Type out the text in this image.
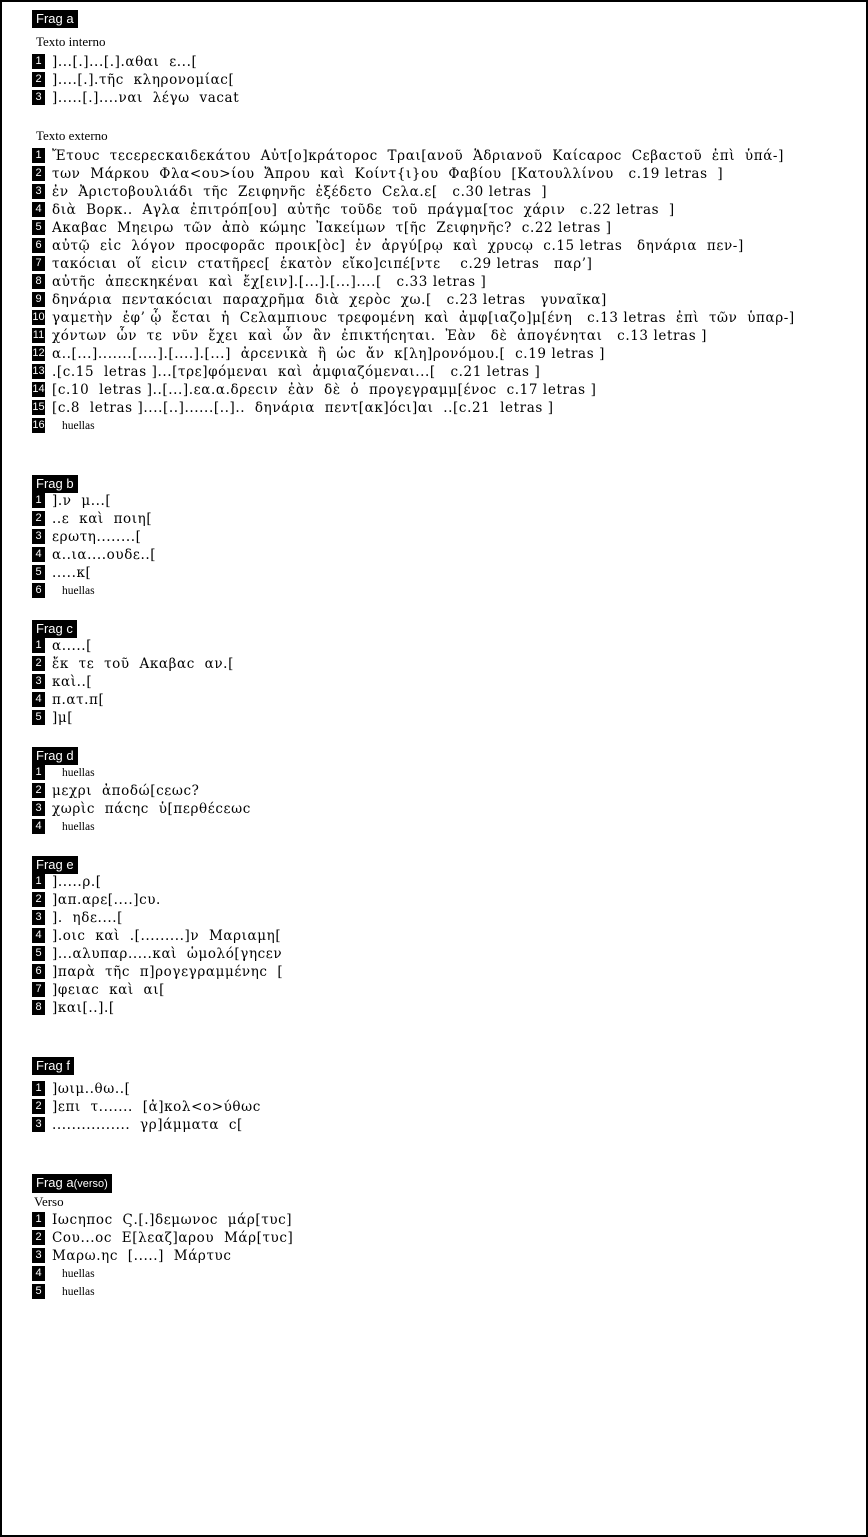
Frag a
Texto interno
1 ]...[.]...[.].αθαι  ε...[
2 ]....[.].τῆc  κληρονομίαc[
3 ].....[.]....ναι  λέγω  vacat
Texto externo
1 Ἔτουc  τεcερεcκαιδεκάτου  Αὐτ[ο]κράτοροc  Τραι[ανοῦ  Ἁδριανοῦ  Καίcαροc  Cεβαcτοῦ  ἐπὶ  ὑπά-]
2 των  Μάρκου  Φλα<ου>ίου  Ἄπρου  καὶ  Κοίντ{ι}ου  Φαβίου  [Κατουλλίνου   c.19 letras  ]
3 ἐν  Ἀριcτοβουλιάδι  τῆc  Ζειφηνῆc  ἐξέδετο  Cελα.ε[   c.30 letras  ]
4 διὰ  Βορκ..  Αγλα  ἐπιτρόπ[ου]  αὐτῆc  τοῦδε  τοῦ  πράγμα[τοc  χάριν   c.22 letras  ]
5 Ακαβαc  Μηειρω  τῶν  ἀπὸ  κώμηc  Ἰακείμων  τ[ῆc  Ζειφηνῆc?  c.22 letras ]
6 αὐτῷ  εἰc  λόγον  προcφορᾶc  προικ[ὸc]  ἐν  ἀργύ[ρῳ  καὶ  χρυcῳ  c.15 letras   δηνάρια  πεν-]
7 τακόcιαι  οἵ  εἰcιν  cτατῆρεc[  ἑκατὸν  εἴκο]cιπέ[ντε    c.29 letras   παρ’]
8 αὐτῆc  ἀπεcκηκέναι  καὶ  ἔχ[ειν].[...].[...]....[   c.33 letras ]
9 δηνάρια  πεντακόcιαι  παραχρῆμα  διὰ  χερὸc  χω.[   c.23 letras   γυναῖκα]
10 γαμετὴν  ἐφ’ ᾧ  ἔcται  ἡ  Cελαμπιουc  τρεφομένη  καὶ  ἀμφ[ιαζο]μ[ένη   c.13 letras  ἐπὶ  τῶν  ὑπαρ-]
11 χόντων  ὧν  τε  νῦν  ἔχει  καὶ  ὧν  ἂν  ἐπικτήcηται.  Ἐὰν   δὲ  ἀπογένηται   c.13 letras ]
12 α..[...].......[....].[....].[...]  ἀρcενικὰ  ἢ  ὡc  ἄν  κ[λη]ρονόμου.[  c.19 letras ]
13 .[c.15  letras ]...[τρε]φόμεναι  καὶ  ἀμφιαζόμεναι...[   c.21 letras ]
14 [c.10  letras ]..[...].εα.α.δρεcιν  ἐὰν  δὲ  ὁ  προγεγραμμ[ένοc  c.17 letras ]
15 [c.8  letras ]....[..]......[..]..  δηνάρια  πεντ[ακ]όcι]αι  ..[c.21  letras ]
16	huellas
Frag b
1 ].ν  μ...[
2 ..ε  καὶ  ποιη[
3 ερωτη........[
4 α..ια....ουδε..[
5 .....κ[
6	huellas
Frag c
1 α.....[
2 ἔκ  τε  τοῦ  Ακαβαc  αν.[
3 καὶ..[
4 π.ατ.π[
5 ]μ[
Frag d
1	huellas
2 μεχρι  ἀποδώ[cεωc?
3 χωρὶc  πάcηc  ὑ[περθέcεωc
4	huellas
Frag e
1 ].....ρ.[
2 ]απ.αρε[....]cυ.
3 ].  ηδε....[
4 ].οιc  καὶ  .[.........]ν  Μαριαμη[
5 ]...αλυπαρ.....καὶ  ὡμολό[γηcεν
6 ]παρὰ  τῆc  π]ρογεγραμμένηc  [
7 ]φειαc  καὶ  αι[
8 ]και[..].[
Frag f
1 ]ωιμ..θω..[
2 ]επι  τ.......  [ἀ]κολ<ο>ύθωc
3 ................  γρ]άμματα  c[
Frag a(verso)
Verso
1 Ιωcηποc  Ϛ.[.]δεμωνοc  μάρ[τυc]
2 Cου...οc  Ε[λεαζ]αρου  Μάρ[τυc]
3 Μαρω.ηc  [.....]  Μάρτυc
4	huellas
5	huellas
